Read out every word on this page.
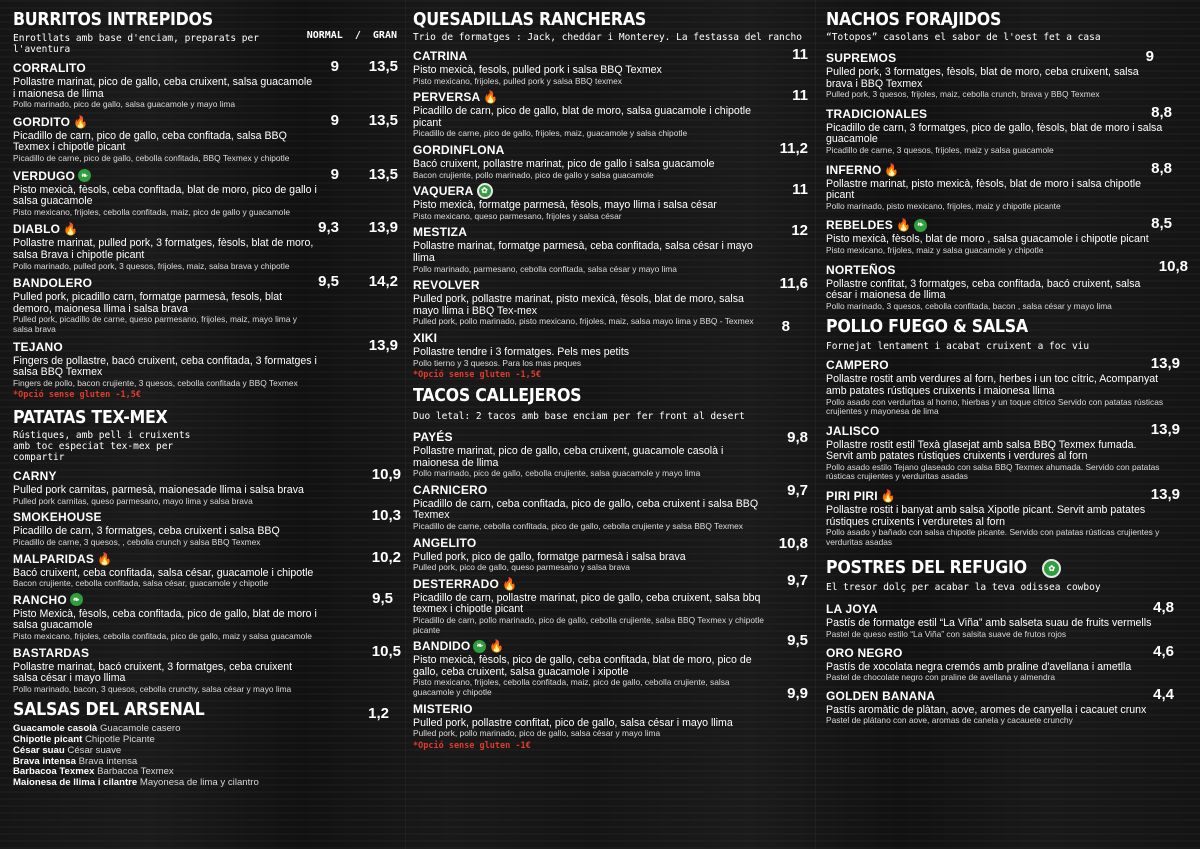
BURRITOS INTREPIDOS
NORMAL / GRAN
Enrotllats amb base d'enciam, preparats per l'aventura
CORRALITO
Pollastre marinat, pico de gallo, ceba cruixent, salsa guacamole i maionesa de llima
Pollo marinado, pico de gallo, salsa guacamole y mayo lima
9 13,5
GORDITO 🔥
Picadillo de carn, pico de gallo, ceba confitada, salsa BBQ Texmex i chipotle picant
Picadillo de carne, pico de gallo, cebolla confitada, BBQ Texmex y chipotle
9 13,5
VERDUGO ❧
Pisto mexicà, fèsols, ceba confitada, blat de moro, pico de gallo i salsa guacamole
Pisto mexicano, frijoles, cebolla confitada, maiz, pico de gallo y guacamole
9 13,5
DIABLO 🔥
Pollastre marinat, pulled pork, 3 formatges, fèsols, blat de moro, salsa Brava i chipotle picant
Pollo marinado, pulled pork, 3 quesos, frijoles, maiz, salsa brava y chipotle
9,3 13,9
BANDOLERO
Pulled pork, picadillo carn, formatge parmesà, fesols, blat demoro, maionesa llima i salsa brava
Pulled pork, picadillo de carne, queso parmesano, frijoles, maiz, mayo lima y salsa brava
9,5 14,2
TEJANO
Fingers de pollastre, bacó cruixent, ceba confitada, 3 formatges i salsa BBQ Texmex
Fingers de pollo, bacon crujiente, 3 quesos, cebolla confitada y BBQ Texmex
13,9
*Opció sense gluten -1,5€
PATATAS TEX-MEX
Rústiques, amb pell i cruixents amb toc especiat tex-mex per compartir
CARNY
Pulled pork carnitas, parmesà, maionesade llima i salsa brava
Pulled pork carnitas, queso parmesano, mayo lima y salsa brava
10,9
SMOKEHOUSE
Picadillo de carn, 3 formatges, ceba cruixent i salsa BBQ
Picadillo de carne, 3 quesos, , cebolla crunch y salsa BBQ Texmex
10,3
MALPARIDAS 🔥
Bacó cruixent, ceba confitada, salsa césar, guacamole i chipotle
Bacon crujiente, cebolla confitada, salsa césar, guacamole y chipotle
10,2
RANCHO ❧
Pisto Mexicà, fèsols, ceba confitada, pico de gallo, blat de moro i salsa guacamole
Pisto mexicano, frijoles, cebolla confitada, pico de gallo, maiz y salsa guacamole
9,5
BASTARDAS
Pollastre marinat, bacó cruixent, 3 formatges, ceba cruixent salsa césar i mayo llima
Pollo marinado, bacon, 3 quesos, cebolla crunchy, salsa césar y mayo lima
10,5
SALSAS DEL ARSENAL	1,2
Guacamole casolà Guacamole casero
Chipotle picant Chipotle Picante
César suau César suave
Brava intensa Brava intensa
Barbacoa Texmex Barbacoa Texmex
Maionesa de llima i cilantre Mayonesa de lima y cilantro
QUESADILLAS RANCHERAS
Trio de formatges : Jack, cheddar i Monterey. La festassa del rancho
CATRINA
Pisto mexicà, fesols, pulled pork i salsa BBQ Texmex
Pisto mexicano, frijoles, pulled pork y salsa BBQ texmex
11
PERVERSA 🔥
Picadillo de carn, pico de gallo, blat de moro, salsa guacamole i chipotle picant
Picadillo de carne, pico de gallo, frijoles, maiz, guacamole y salsa chipotle
11
GORDINFLONA
Bacó cruixent, pollastre marinat, pico de gallo i salsa guacamole
Bacon crujiente, pollo marinado, pico de gallo y salsa guacamole
11,2
VAQUERA ✿
Pisto mexicà, formatge parmesà, fèsols, mayo llima i salsa césar
Pisto mexicano, queso parmesano, frijoles y salsa césar
11
MESTIZA
Pollastre marinat, formatge parmesà, ceba confitada, salsa césar i mayo llima
Pollo marinado, parmesano, cebolla confitada, salsa césar y mayo lima
12
REVOLVER
Pulled pork, pollastre marinat, pisto mexicà, fèsols, blat de moro, salsa mayo llima i BBQ Tex-mex
Pulled pork, pollo marinado, pisto mexicano, frijoles, maiz, salsa mayo lima y BBQ - Texmex
11,6
XIKI
Pollastre tendre i 3 formatges. Pels mes petits
Pollo tierno y 3 quesos. Para los mas peques
8
*Opció sense gluten -1,5€
TACOS CALLEJEROS
Duo letal: 2 tacos amb base enciam per fer front al desert
PAYÉS
Pollastre marinat, pico de gallo, ceba cruixent, guacamole casolà i maionesa de llima
Pollo marinado, pico de gallo, cebolla crujiente, salsa guacamole y mayo lima
9,8
CARNICERO
Picadillo de carn, ceba confitada, pico de gallo, ceba cruixent i salsa BBQ Texmex
Picadillo de carne, cebolla confitada, pico de gallo, cebolla crujiente y salsa BBQ Texmex
9,7
ANGELITO
Pulled pork, pico de gallo, formatge parmesà i salsa brava
Pulled pork, pico de gallo, queso parmesano y salsa brava
10,8
DESTERRADO 🔥
Picadillo de carn, pollastre marinat, pico de gallo, ceba cruixent, salsa bbq texmex i chipotle picant
Picadillo de carn, pollo marinado, pico de gallo, cebolla crujiente, salsa BBQ Texmex y chipotle picante
9,7
BANDIDO ❧ 🔥
Pisto mexicà, fèsols, pico de gallo, ceba confitada, blat de moro, pico de gallo, ceba cruixent, salsa guacamole i xipotle
Pisto mexicano, frijoles, cebolla confitada, maiz, pico de gallo, cebolla crujiente, salsa guacamole y chipotle
9,5
MISTERIO
Pulled pork, pollastre confitat, pico de gallo, salsa césar i mayo llima
Pulled pork, pollo marinado, pico de gallo, salsa césar y mayo lima
9,9
*Opció sense gluten -1€
NACHOS FORAJIDOS
“Totopos” casolans el sabor de l'oest fet a casa
SUPREMOS
Pulled pork, 3 formatges, fèsols, blat de moro, ceba cruixent, salsa brava i BBQ Texmex
Pulled pork, 3 quesos, frijoles, maiz, cebolla crunch, brava y BBQ Texmex
9
TRADICIONALES
Picadillo de carn, 3 formatges, pico de gallo, fèsols, blat de moro i salsa guacamole
Picadillo de carne, 3 quesos, frijoles, maiz y salsa guacamole
8,8
INFERNO 🔥
Pollastre marinat, pisto mexicà, fèsols, blat de moro i salsa chipotle picant
Pollo marinado, pisto mexicano, frijoles, maiz y chipotle picante
8,8
REBELDES 🔥 ❧
Pisto mexicà, fèsols, blat de moro , salsa guacamole i chipotle picant
Pisto mexicano, frijoles, maiz y salsa guacamole y chipotle
8,5
NORTEÑOS
Pollastre confitat, 3 formatges, ceba confitada, bacó cruixent, salsa césar i maionesa de llima
Pollo marinado, 3 quesos, cebolla confitada, bacon , salsa césar y mayo lima
10,8
POLLO FUEGO & SALSA
Fornejat lentament i acabat cruixent a foc viu
CAMPERO
Pollastre rostit amb verdures al forn, herbes i un toc cítric, Acompanyat amb patates rústiques cruixents i maionesa llima
Pollo asado con verduritas al horno, hierbas y un toque cítrico Servido con patatas rústicas crujientes y mayonesa de lima
13,9
JALISCO
Pollastre rostit estil Texà glasejat amb salsa BBQ Texmex fumada. Servit amb patates rústiques cruixents i verdures al forn
Pollo asado estilo Tejano glaseado con salsa BBQ Texmex ahumada. Servido con patatas rústicas crujientes y verduritas asadas
13,9
PIRI PIRI 🔥
Pollastre rostit i banyat amb salsa Xipotle picant. Servit amb patates rústiques cruixents i verduretes al forn
Pollo asado y bañado con salsa chipotle picante. Servido con patatas rústicas crujientes y verduritas asadas
13,9
POSTRES DEL REFUGIO	✿
El tresor dolç per acabar la teva odissea cowboy
LA JOYA
Pastís de formatge estil “La Viña” amb salseta suau de fruits vermells
Pastel de queso estilo “La Viña” con salsita suave de frutos rojos
4,8
ORO NEGRO
Pastís de xocolata negra cremós amb praline d'avellana i ametlla
Pastel de chocolate negro con praline de avellana y almendra
4,6
GOLDEN BANANA
Pastís aromàtic de plàtan, aove, aromes de canyella i cacauet crunx
Pastel de plátano con aove, aromas de canela y cacauete crunchy
4,4
